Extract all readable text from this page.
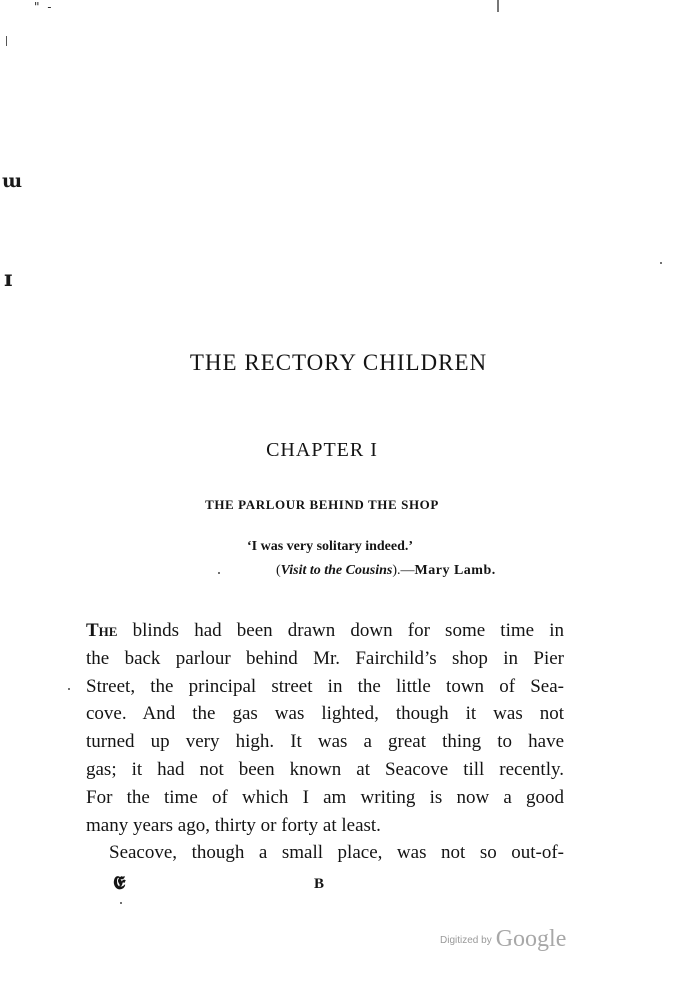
" -
ɯ
ɪ
THE RECTORY CHILDREN
CHAPTER I
THE PARLOUR BEHIND THE SHOP
‘I was very solitary indeed.’
(Visit to the Cousins).—Mary Lamb.
The blinds had been drawn down for some time in
the back parlour behind Mr. Fairchild’s shop in Pier
Street, the principal street in the little town of Sea-
cove. And the gas was lighted, though it was not
turned up very high. It was a great thing to have
gas; it had not been known at Seacove till recently.
For the time of which I am writing is now a good
many years ago, thirty or forty at least.
Seacove, though a small place, was not so out-of-
𝕰	B
Digitized by Google
